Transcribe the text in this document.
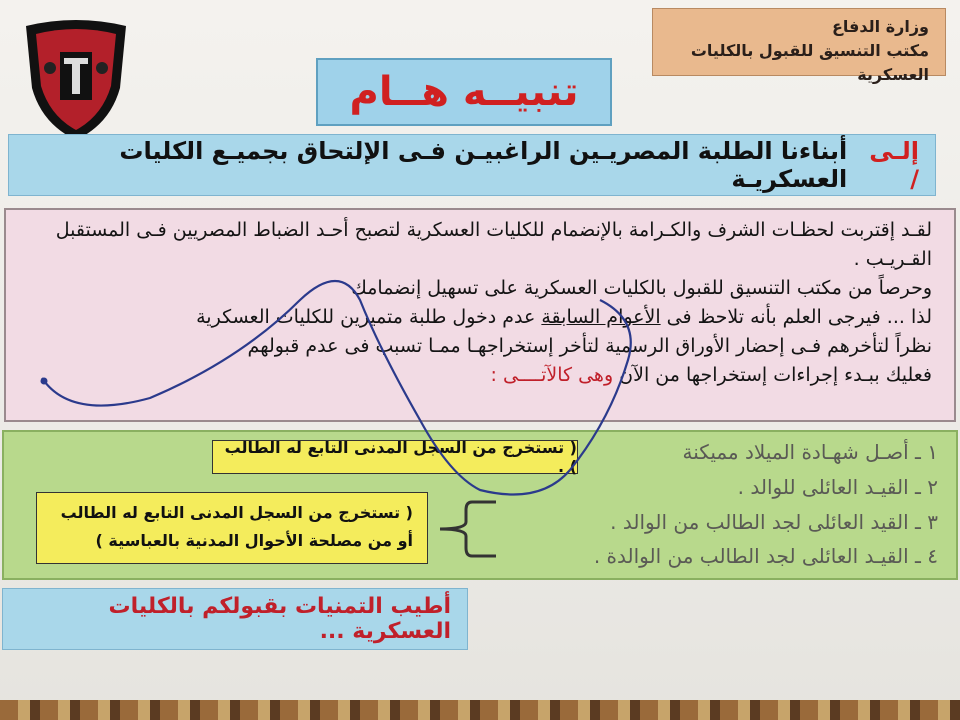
وزارة الدفاع
مكتب التنسيق للقبول بالكليات العسكرية
تنبيــه هــام
إلـى /
أبناءنا الطلبة المصريـين الراغبيـن فـى الإلتحاق بجميـع الكليات العسكريـة
لقـد إقتربت لحظـات الشرف والكـرامة بالإنضمام للكليات العسكرية لتصبح أحـد الضباط المصريين فـى المستقبل القـريـب .
وحرصاً من مكتب التنسيق للقبول بالكليات العسكرية على تسهيل إنضمامك
لذا ... فيرجى العلم بأنه تلاحظ فى الأعوام السابقة عدم دخول طلبة متميزين للكليات العسكرية
نظراً لتأخرهم فـى إحضار الأوراق الرسمية لتأخر إستخراجهـا ممـا تسبب فى عدم قبولهم
فعليك ببـدء إجراءات إستخراجها من الآن وهى كالآتــــى :
١ ـ أصـل شهـادة الميلاد مميكنة
٢ ـ القيـد العائلى للوالد .
٣ ـ القيد العائلى لجد الطالب من الوالد .
٤ ـ القيـد العائلى لجد الطالب من الوالدة .
( تستخرج من السجل المدنى التابع له الطالب ) .
( تستخرج من السجل المدنى التابع له الطالب
أو من مصلحة الأحوال المدنية بالعباسية )
أطيب التمنيات بقبولكم بالكليات العسكرية ...
